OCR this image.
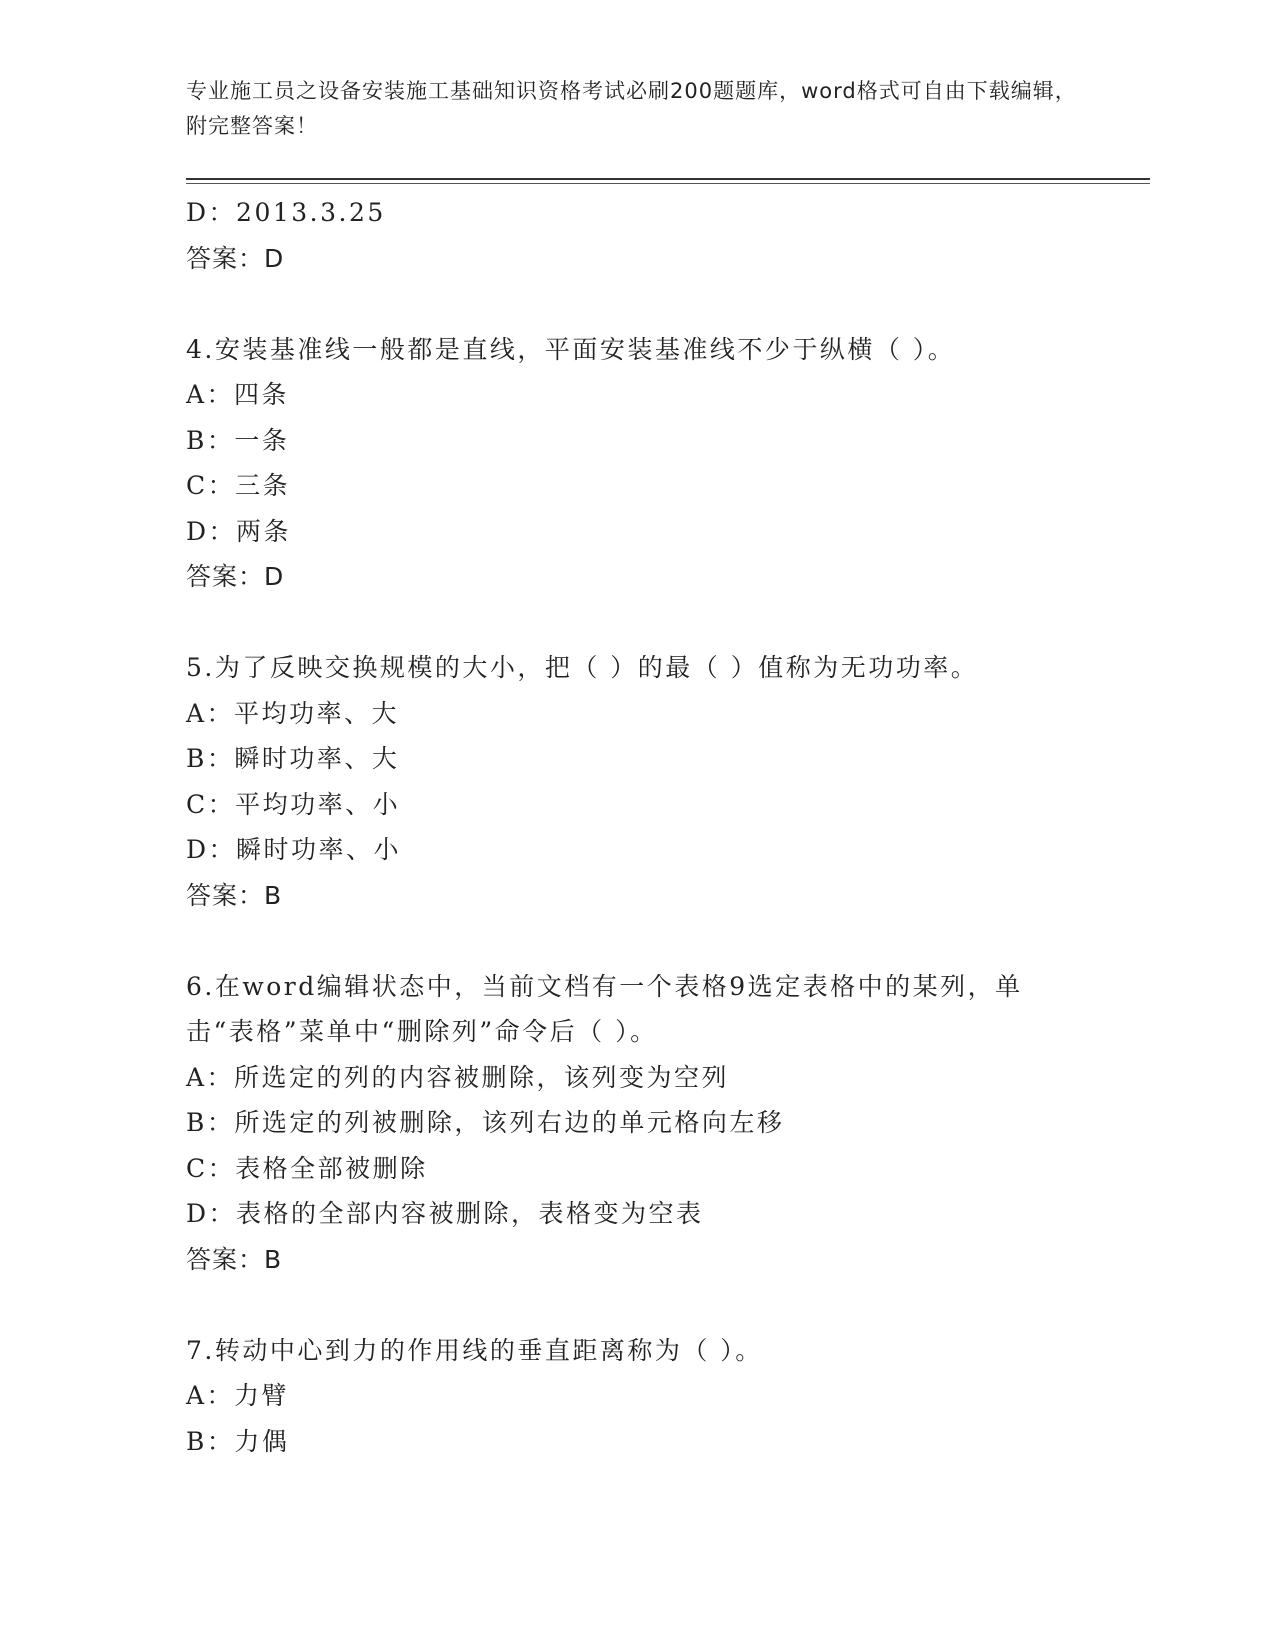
专业施工员之设备安装施工基础知识资格考试必刷200题题库，word格式可自由下载编辑，附完整答案！
D：2013.3.25
答案：D
4.安装基准线一般都是直线，平面安装基准线不少于纵横（ ）。
A：四条
B：一条
C：三条
D：两条
答案：D
5.为了反映交换规模的大小，把（ ）的最（ ）值称为无功功率。
A：平均功率、大
B：瞬时功率、大
C：平均功率、小
D：瞬时功率、小
答案：B
6.在word编辑状态中，当前文档有一个表格9选定表格中的某列，单击“表格”菜单中“删除列”命令后（ ）。
A：所选定的列的内容被删除，该列变为空列
B：所选定的列被删除，该列右边的单元格向左移
C：表格全部被删除
D：表格的全部内容被删除，表格变为空表
答案：B
7.转动中心到力的作用线的垂直距离称为（ ）。
A：力臂
B：力偶
